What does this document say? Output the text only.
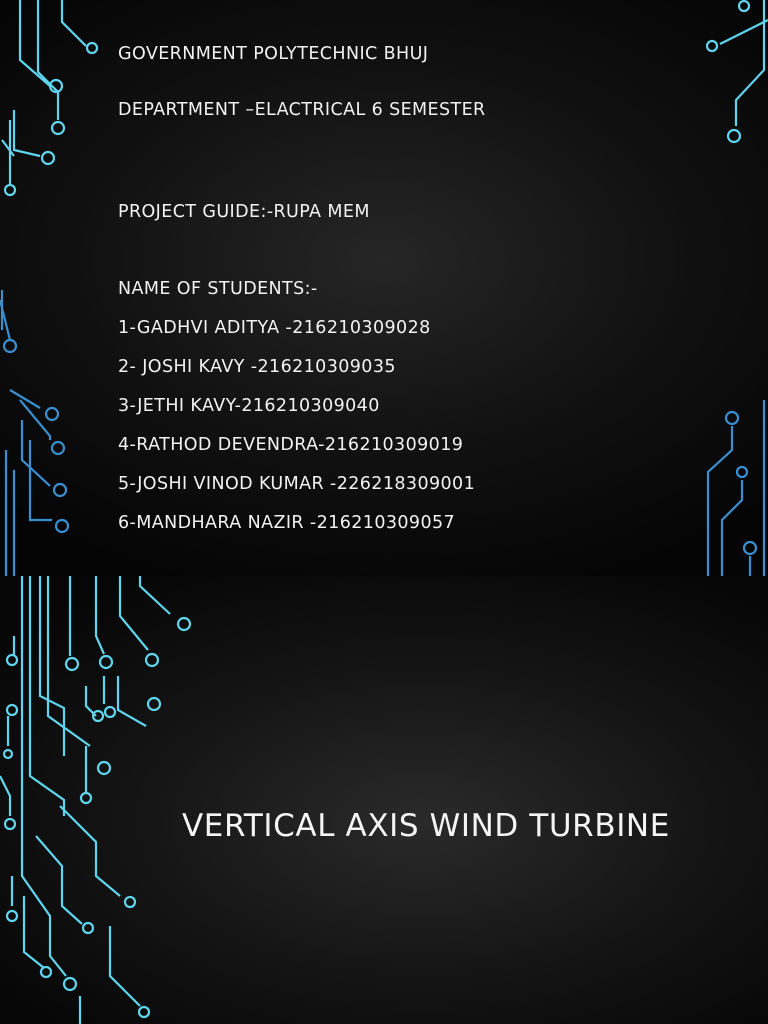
GOVERNMENT POLYTECHNIC BHUJ

DEPARTMENT –ELACTRICAL 6 SEMESTER

PROJECT GUIDE:-RUPA MEM

NAME OF STUDENTS:-

1-GADHVI ADITYA -216210309028

2- JOSHI KAVY -216210309035

3-JETHI KAVY-216210309040

4-RATHOD DEVENDRA-216210309019

5-JOSHI VINOD KUMAR -226218309001

6-MANDHARA NAZIR -216210309057

VERTICAL AXIS WIND TURBINE
